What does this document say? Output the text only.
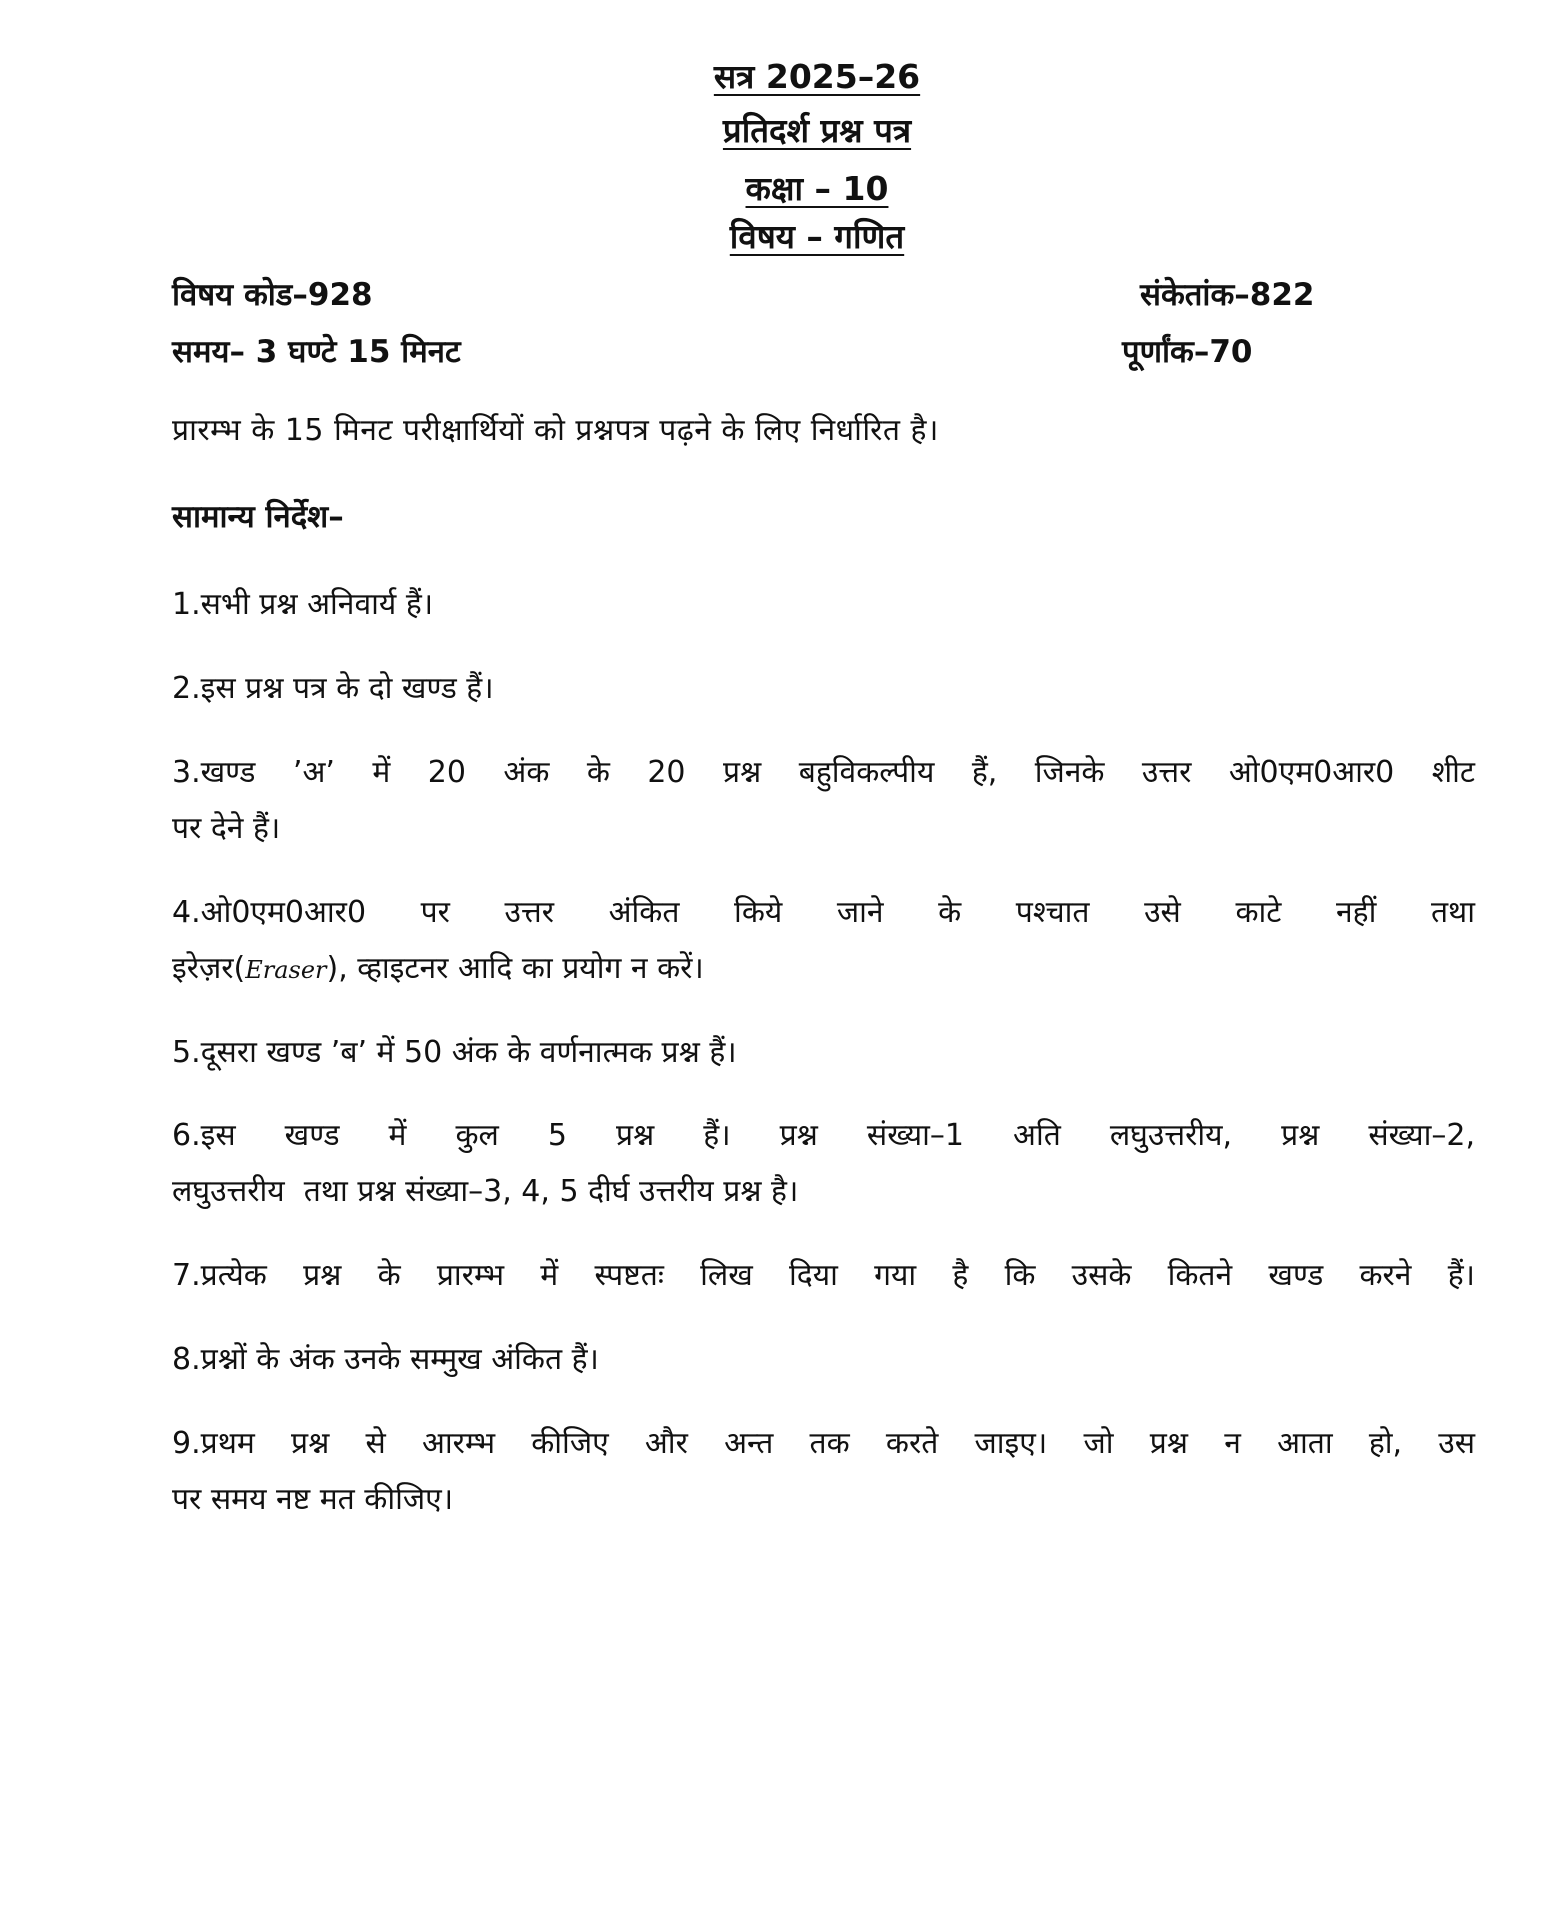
सत्र 2025–26
प्रतिदर्श प्रश्न पत्र
कक्षा – 10
विषय – गणित
विषय कोड–928	संकेतांक–822
समय– 3 घण्टे 15 मिनट	पूर्णांक–70
प्रारम्भ के 15 मिनट परीक्षार्थियों को प्रश्नपत्र पढ़ने के लिए निर्धारित है।
सामान्य निर्देश–
1.सभी प्रश्न अनिवार्य हैं।
2.इस प्रश्न पत्र के दो खण्ड हैं।
3.खण्ड ’अ’ में 20 अंक के 20 प्रश्न बहुविकल्पीय हैं, जिनके उत्तर ओ0एम0आर0 शीट
पर देने हैं।
4.ओ0एम0आर0 पर उत्तर अंकित किये जाने के पश्चात उसे काटे नहीं तथा
इरेज़र(Eraser), व्हाइटनर आदि का प्रयोग न करें।
5.दूसरा खण्ड ’ब’ में 50 अंक के वर्णनात्मक प्रश्न हैं।
6.इस खण्ड में कुल 5 प्रश्न हैं। प्रश्न संख्या–1 अति लघुउत्तरीय, प्रश्न संख्या–2,
लघुउत्तरीय  तथा प्रश्न संख्या–3, 4, 5 दीर्घ उत्तरीय प्रश्न है।
7.प्रत्येक प्रश्न के प्रारम्भ में स्पष्टतः लिख दिया गया है कि उसके कितने खण्ड करने हैं।
8.प्रश्नों के अंक उनके सम्मुख अंकित हैं।
9.प्रथम प्रश्न से आरम्भ कीजिए और अन्त तक करते जाइए। जो प्रश्न न आता हो, उस
पर समय नष्ट मत कीजिए।
